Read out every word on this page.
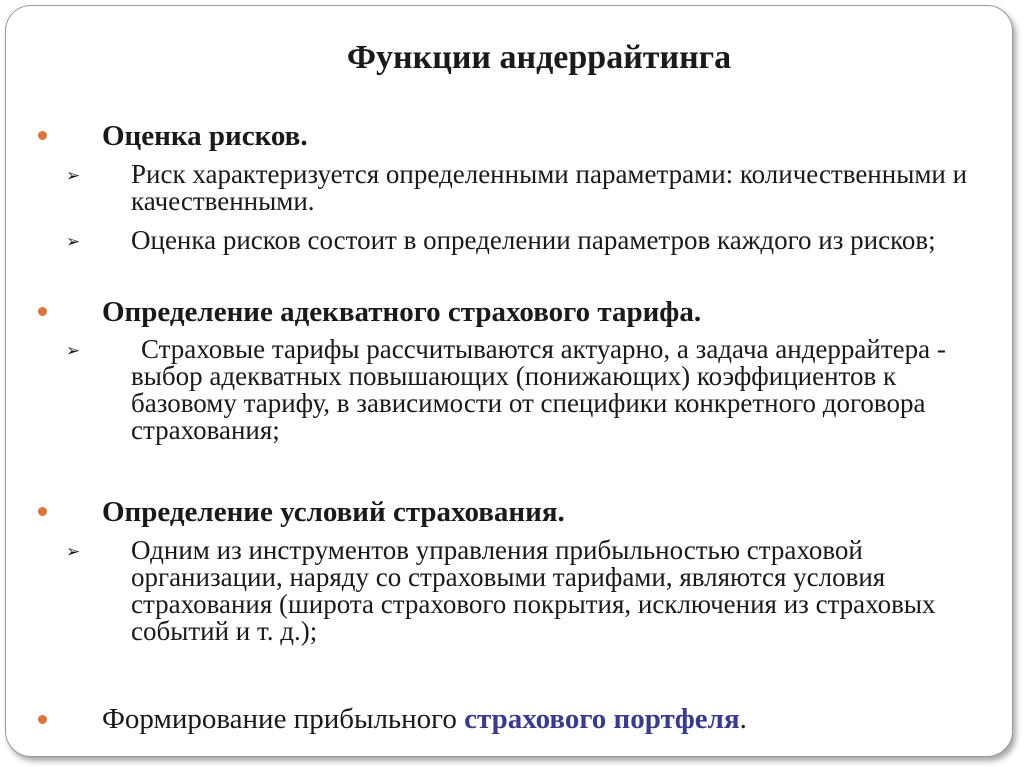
Функции андеррайтинга
Оценка рисков.
➢ Риск характеризуется определенными параметрами: количественными и качественными.
➢ Оценка рисков состоит в определении параметров каждого из рисков;
Определение адекватного страхового тарифа.
➢	Страховые тарифы рассчитываются актуарно, а задача андеррайтера - выбор адекватных повышающих (понижающих) коэффициентов к базовому тарифу, в зависимости от специфики конкретного договора страхования;
Определение условий страхования.
➢ Одним из инструментов управления прибыльностью страховой организации, наряду со страховыми тарифами, являются условия страхования (широта страхового покрытия, исключения из страховых событий и т. д.);
Формирование прибыльного страхового портфеля.
